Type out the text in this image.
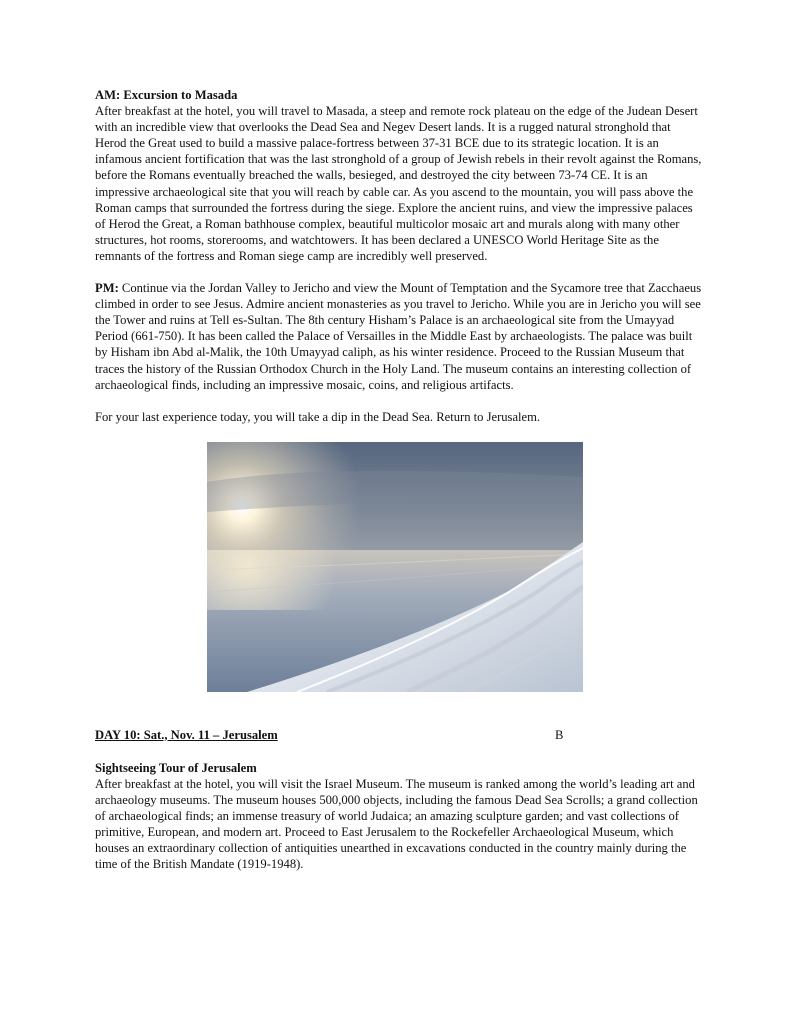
AM: Excursion to Masada

After breakfast at the hotel, you will travel to Masada, a steep and remote rock plateau on the edge of the Judean Desert with an incredible view that overlooks the Dead Sea and Negev Desert lands. It is a rugged natural stronghold that Herod the Great used to build a massive palace-fortress between 37-31 BCE due to its strategic location. It is an infamous ancient fortification that was the last stronghold of a group of Jewish rebels in their revolt against the Romans, before the Romans eventually breached the walls, besieged, and destroyed the city between 73-74 CE. It is an impressive archaeological site that you will reach by cable car. As you ascend to the mountain, you will pass above the Roman camps that surrounded the fortress during the siege. Explore the ancient ruins, and view the impressive palaces of Herod the Great, a Roman bathhouse complex, beautiful multicolor mosaic art and murals along with many other structures, hot rooms, storerooms, and watchtowers. It has been declared a UNESCO World Heritage Site as the remnants of the fortress and Roman siege camp are incredibly well preserved.

PM: Continue via the Jordan Valley to Jericho and view the Mount of Temptation and the Sycamore tree that Zacchaeus climbed in order to see Jesus. Admire ancient monasteries as you travel to Jericho. While you are in Jericho you will see the Tower and ruins at Tell es-Sultan. The 8th century Hisham’s Palace is an archaeological site from the Umayyad Period (661-750). It has been called the Palace of Versailles in the Middle East by archaeologists. The palace was built by Hisham ibn Abd al-Malik, the 10th Umayyad caliph, as his winter residence. Proceed to the Russian Museum that traces the history of the Russian Orthodox Church in the Holy Land. The museum contains an interesting collection of archaeological finds, including an impressive mosaic, coins, and religious artifacts.

For your last experience today, you will take a dip in the Dead Sea. Return to Jerusalem.

DAY 10: Sat., Nov. 11 – Jerusalem	B

Sightseeing Tour of Jerusalem

After breakfast at the hotel, you will visit the Israel Museum. The museum is ranked among the world’s leading art and archaeology museums. The museum houses 500,000 objects, including the famous Dead Sea Scrolls; a grand collection of archaeological finds; an immense treasury of world Judaica; an amazing sculpture garden; and vast collections of primitive, European, and modern art. Proceed to East Jerusalem to the Rockefeller Archaeological Museum, which houses an extraordinary collection of antiquities unearthed in excavations conducted in the country mainly during the time of the British Mandate (1919-1948).
